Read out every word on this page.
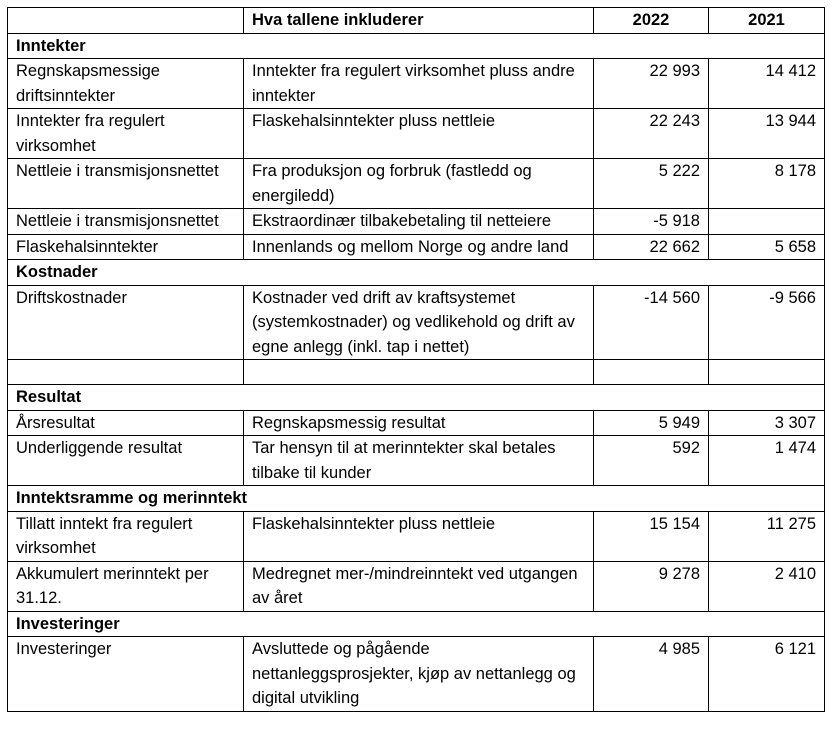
	Hva tallene inkluderer	2022	2021
Inntekter			
Regnskapsmessige driftsinntekter	Inntekter fra regulert virksomhet pluss andre inntekter	22 993	14 412
Inntekter fra regulert virksomhet	Flaskehalsinntekter pluss nettleie	22 243	13 944
Nettleie i transmisjonsnettet	Fra produksjon og forbruk (fastledd og energiledd)	5 222	8 178
Nettleie i transmisjonsnettet	Ekstraordinær tilbakebetaling til netteiere	-5 918	
Flaskehalsinntekter	Innenlands og mellom Norge og andre land	22 662	5 658
Kostnader			
Driftskostnader	Kostnader ved drift av kraftsystemet (systemkostnader) og vedlikehold og drift av egne anlegg (inkl. tap i nettet)	-14 560	-9 566

Resultat			
Årsresultat	Regnskapsmessig resultat	5 949	3 307
Underliggende resultat	Tar hensyn til at merinntekter skal betales tilbake til kunder	592	1 474
Inntektsramme og merinntekt			
Tillatt inntekt fra regulert virksomhet	Flaskehalsinntekter pluss nettleie	15 154	11 275
Akkumulert merinntekt per 31.12.	Medregnet mer-/mindreinntekt ved utgangen av året	9 278	2 410
Investeringer			
Investeringer	Avsluttede og pågående nettanleggsprosjekter, kjøp av nettanlegg og digital utvikling	4 985	6 121
